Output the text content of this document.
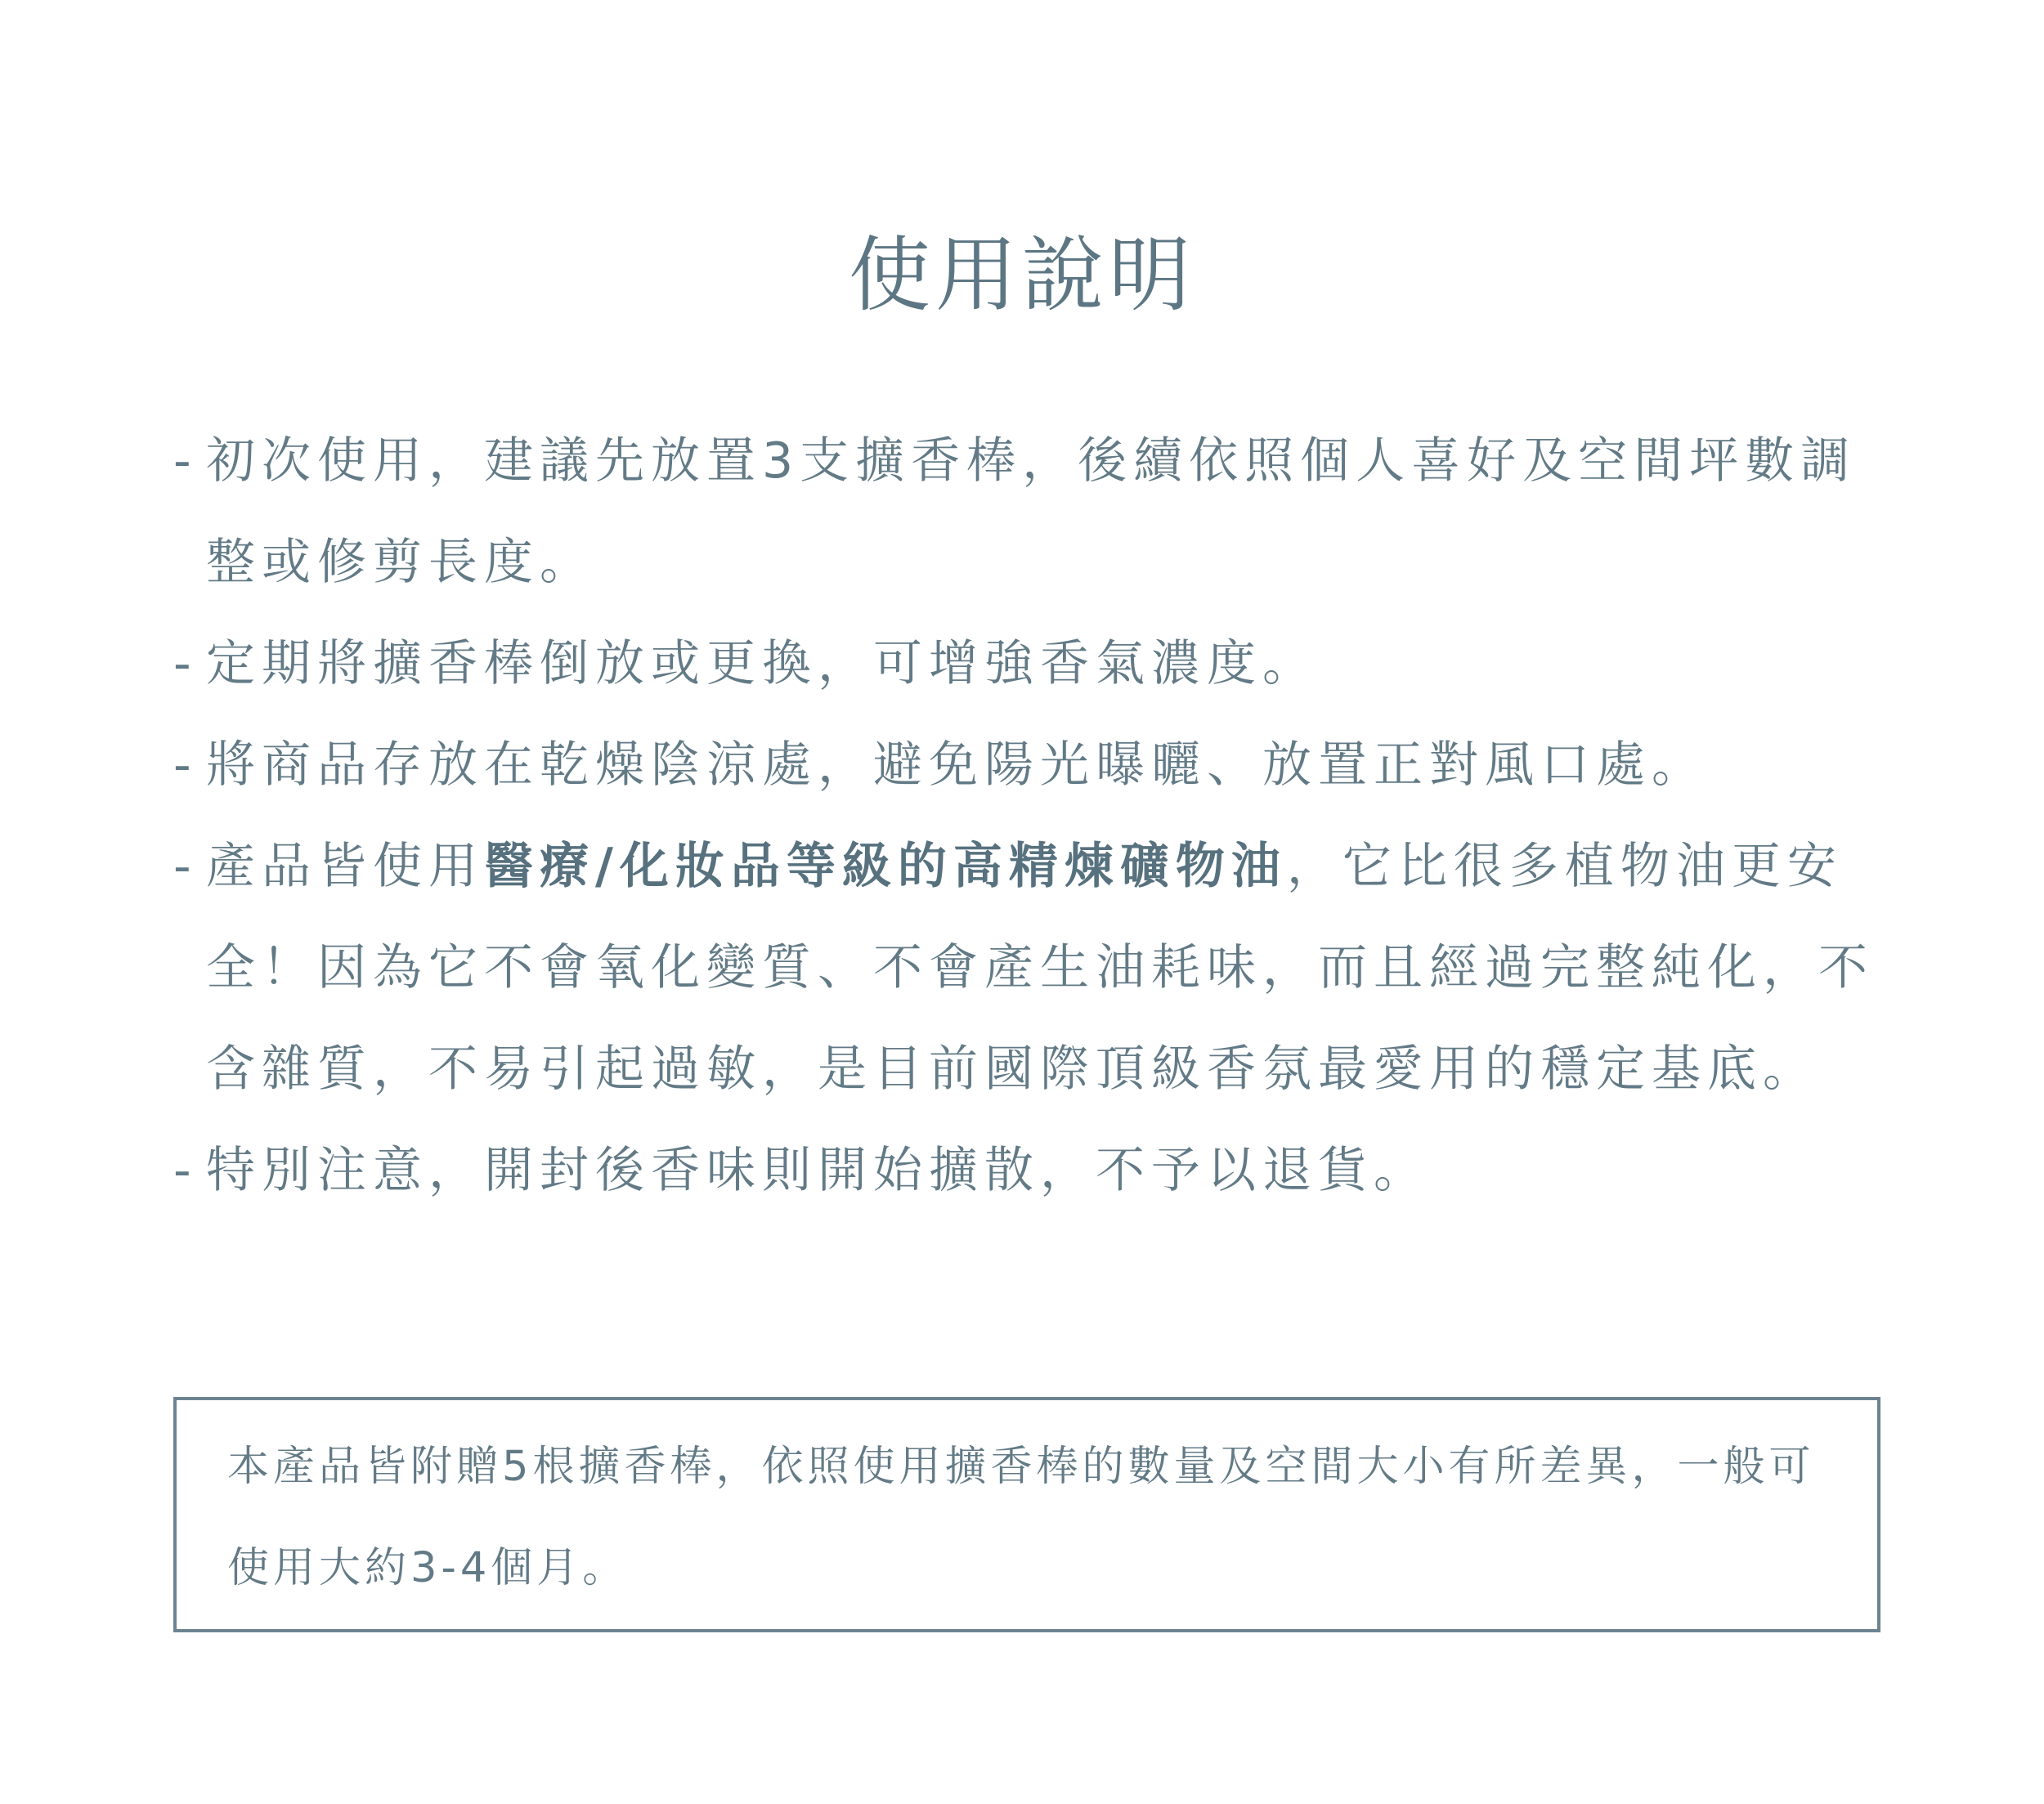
使用說明
- 初次使用，建議先放置3支擴香棒，後續依照個人喜好及空間坪數調整或修剪長度。
- 定期將擴香棒倒放或更換，可增強香氣濃度。
- 將商品存放在乾燥陰涼處，避免陽光曝曬、放置正對風口處。
- 產品皆使用醫療/化妝品等級的高精煉礦物油，它比很多植物油更安全！因為它不會氧化變質、不會產生油耗味，而且經過完整純化，不含雜質，不易引起過敏，是目前國際頂級香氛最愛用的穩定基底。
- 特別注意，開封後香味則開始擴散，不予以退貨。
本產品皆附贈5根擴香棒，依照使用擴香棒的數量及空間大小有所差異，一般可使用大約3-4個月。
